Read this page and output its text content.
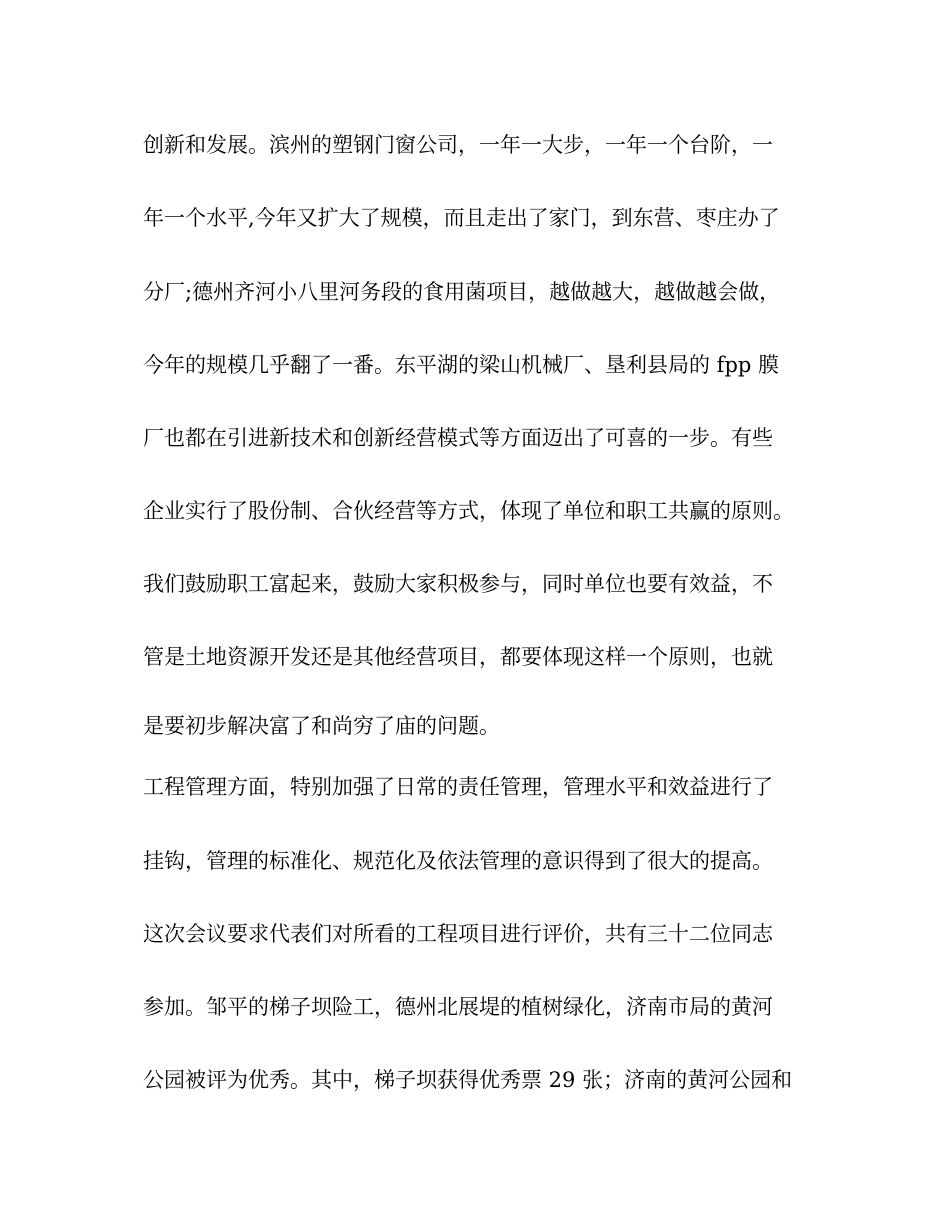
创新和发展。滨州的塑钢门窗公司，一年一大步，一年一个台阶，一

年一个水平,今年又扩大了规模，而且走出了家门，到东营、枣庄办了

分厂;德州齐河小八里河务段的食用菌项目，越做越大，越做越会做，

今年的规模几乎翻了一番。东平湖的梁山机械厂、垦利县局的 fpp 膜

厂也都在引进新技术和创新经营模式等方面迈出了可喜的一步。有些

企业实行了股份制、合伙经营等方式，体现了单位和职工共赢的原则。

我们鼓励职工富起来，鼓励大家积极参与，同时单位也要有效益，不

管是土地资源开发还是其他经营项目，都要体现这样一个原则，也就

是要初步解决富了和尚穷了庙的问题。

工程管理方面，特别加强了日常的责任管理，管理水平和效益进行了

挂钩，管理的标准化、规范化及依法管理的意识得到了很大的提高。

这次会议要求代表们对所看的工程项目进行评价，共有三十二位同志

参加。邹平的梯子坝险工，德州北展堤的植树绿化，济南市局的黄河

公园被评为优秀。其中，梯子坝获得优秀票 29 张；济南的黄河公园和
